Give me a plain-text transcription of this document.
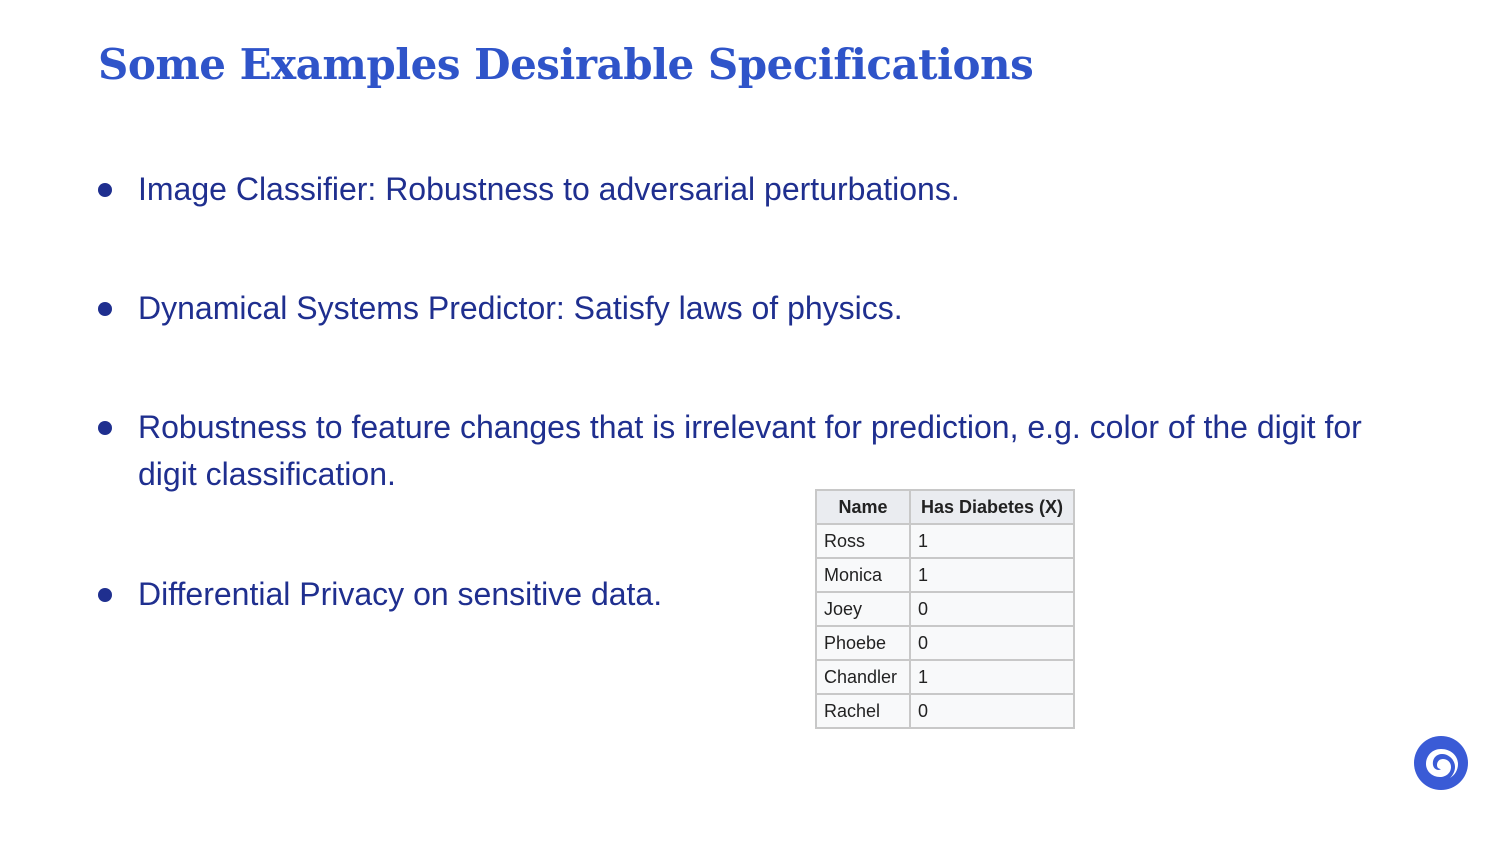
Some Examples Desirable Specifications
Image Classifier: Robustness to adversarial perturbations.
Dynamical Systems Predictor: Satisfy laws of physics.
Robustness to feature changes that is irrelevant for prediction, e.g. color of the digit for digit classification.
Differential Privacy on sensitive data.
Name	Has Diabetes (X)
Ross	1
Monica	1
Joey	0
Phoebe	0
Chandler	1
Rachel	0
